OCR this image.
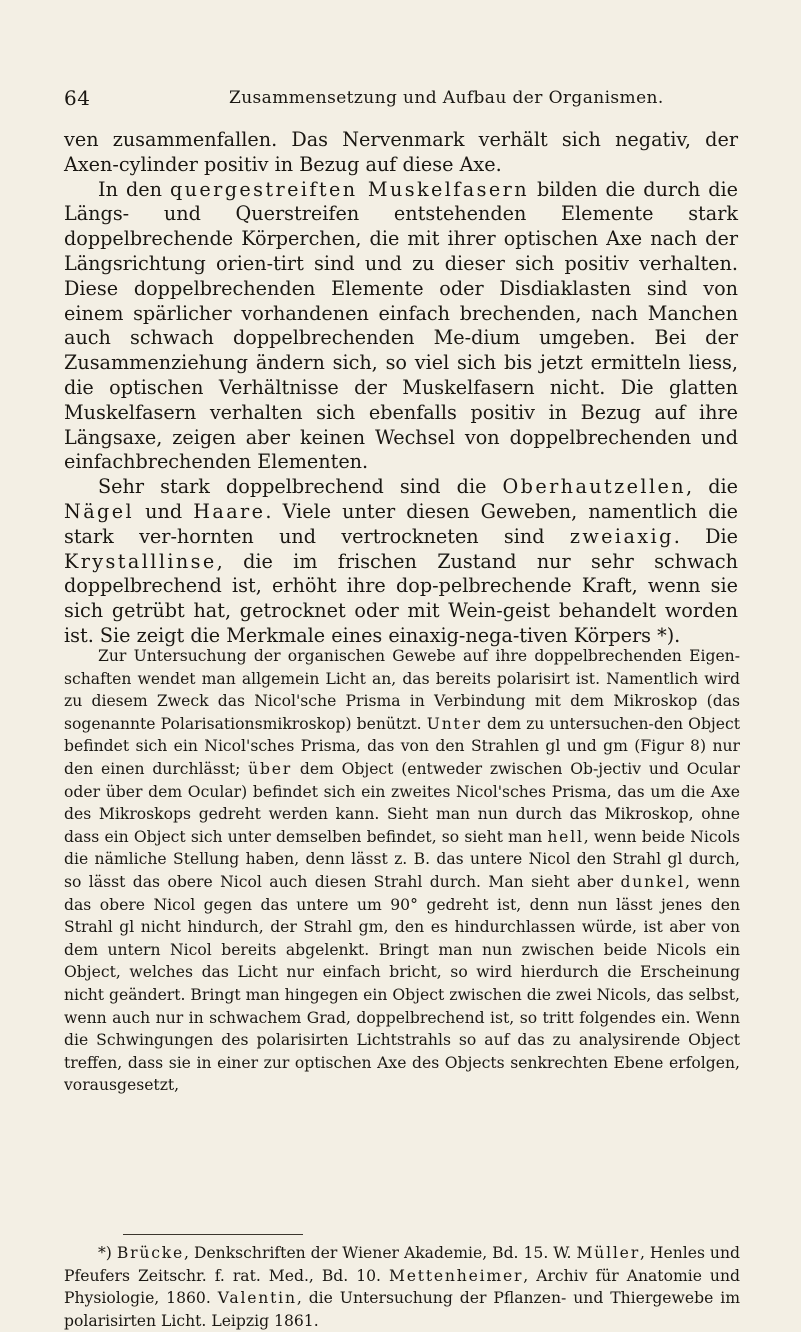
64	Zusammensetzung und Aufbau der Organismen.

ven zusammenfallen. Das Nervenmark verhält sich negativ, der Axen-cylinder positiv in Bezug auf diese Axe.

In den quergestreiften Muskelfasern bilden die durch die Längs- und Querstreifen entstehenden Elemente stark doppelbrechende Körperchen, die mit ihrer optischen Axe nach der Längsrichtung orien-tirt sind und zu dieser sich positiv verhalten. Diese doppelbrechenden Elemente oder Disdiaklasten sind von einem spärlicher vorhandenen einfach brechenden, nach Manchen auch schwach doppelbrechenden Me-dium umgeben. Bei der Zusammenziehung ändern sich, so viel sich bis jetzt ermitteln liess, die optischen Verhältnisse der Muskelfasern nicht. Die glatten Muskelfasern verhalten sich ebenfalls positiv in Bezug auf ihre Längsaxe, zeigen aber keinen Wechsel von doppelbrechenden und einfachbrechenden Elementen.

Sehr stark doppelbrechend sind die Oberhautzellen, die Nägel und Haare. Viele unter diesen Geweben, namentlich die stark ver-hornten und vertrockneten sind zweiaxig. Die Krystalllinse, die im frischen Zustand nur sehr schwach doppelbrechend ist, erhöht ihre dop-pelbrechende Kraft, wenn sie sich getrübt hat, getrocknet oder mit Wein-geist behandelt worden ist. Sie zeigt die Merkmale eines einaxig-nega-tiven Körpers *).

Zur Untersuchung der organischen Gewebe auf ihre doppelbrechenden Eigen-schaften wendet man allgemein Licht an, das bereits polarisirt ist. Namentlich wird zu diesem Zweck das Nicol'sche Prisma in Verbindung mit dem Mikroskop (das sogenannte Polarisationsmikroskop) benützt. Unter dem zu untersuchen-den Object befindet sich ein Nicol'sches Prisma, das von den Strahlen gl und gm (Figur 8) nur den einen durchlässt; über dem Object (entweder zwischen Ob-jectiv und Ocular oder über dem Ocular) befindet sich ein zweites Nicol'sches Prisma, das um die Axe des Mikroskops gedreht werden kann. Sieht man nun durch das Mikroskop, ohne dass ein Object sich unter demselben befindet, so sieht man hell, wenn beide Nicols die nämliche Stellung haben, denn lässt z. B. das untere Nicol den Strahl gl durch, so lässt das obere Nicol auch diesen Strahl durch. Man sieht aber dunkel, wenn das obere Nicol gegen das untere um 90° gedreht ist, denn nun lässt jenes den Strahl gl nicht hindurch, der Strahl gm, den es hindurchlassen würde, ist aber von dem untern Nicol bereits abgelenkt. Bringt man nun zwischen beide Nicols ein Object, welches das Licht nur einfach bricht, so wird hierdurch die Erscheinung nicht geändert. Bringt man hingegen ein Object zwischen die zwei Nicols, das selbst, wenn auch nur in schwachem Grad, doppelbrechend ist, so tritt folgendes ein. Wenn die Schwingungen des polarisirten Lichtstrahls so auf das zu analysirende Object treffen, dass sie in einer zur optischen Axe des Objects senkrechten Ebene erfolgen, vorausgesetzt,

*) Brücke, Denkschriften der Wiener Akademie, Bd. 15. W. Müller, Henles und Pfeufers Zeitschr. f. rat. Med., Bd. 10. Mettenheimer, Archiv für Anatomie und Physiologie, 1860. Valentin, die Untersuchung der Pflanzen- und Thiergewebe im polarisirten Licht. Leipzig 1861.
